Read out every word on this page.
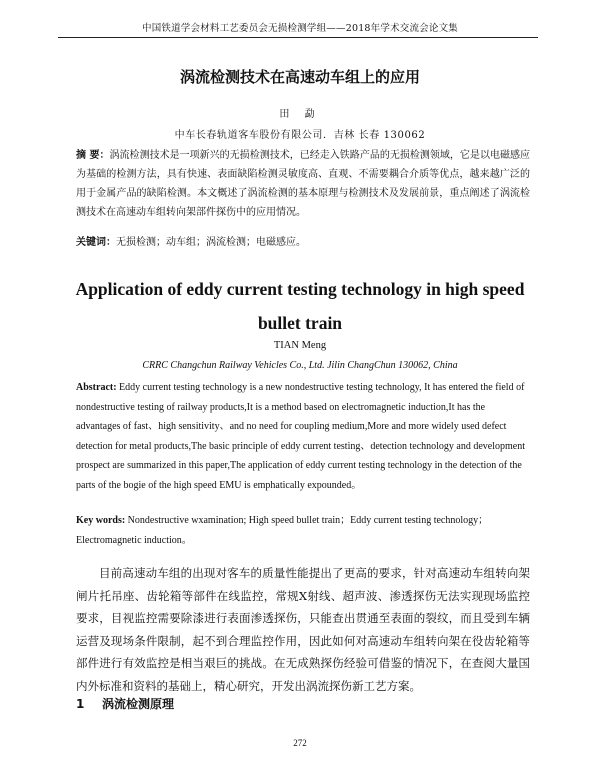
中国铁道学会材料工艺委员会无损检测学组——2018年学术交流会论文集
涡流检测技术在高速动车组上的应用
田 勐
中车长春轨道客车股份有限公司．吉林 长春 130062
摘 要：涡流检测技术是一项新兴的无损检测技术，已经走入铁路产品的无损检测领域，它是以电磁感应为基础的检测方法，具有快速、表面缺陷检测灵敏度高、直观、不需要耦合介质等优点，越来越广泛的用于金属产品的缺陷检测。本文概述了涡流检测的基本原理与检测技术及发展前景，重点阐述了涡流检测技术在高速动车组转向架部件探伤中的应用情况。
关键词：无损检测；动车组；涡流检测；电磁感应。
Application of eddy current testing technology in high speed bullet train
TIAN Meng
CRRC Changchun Railway Vehicles Co., Ltd. Jilin ChangChun 130062, China
Abstract: Eddy current testing technology is a new nondestructive testing technology, It has entered the field of nondestructive testing of railway products,It is a method based on electromagnetic induction,It has the advantages of fast、high sensitivity、and no need for coupling medium,More and more widely used defect detection for metal products,The basic principle of eddy current testing、detection technology and development prospect are summarized in this paper,The application of eddy current testing technology in the detection of the parts of the bogie of the high speed EMU is emphatically expounded。
Key words: Nondestructive wxamination; High speed bullet train；Eddy current testing technology；Electromagnetic induction。
目前高速动车组的出现对客车的质量性能提出了更高的要求，针对高速动车组转向架闸片托吊座、齿轮箱等部件在线监控，常规X射线、超声波、渗透探伤无法实现现场监控要求，目视监控需要除漆进行表面渗透探伤，只能查出贯通至表面的裂纹，而且受到车辆运营及现场条件限制，起不到合理监控作用，因此如何对高速动车组转向架在役齿轮箱等部件进行有效监控是相当艰巨的挑战。在无成熟探伤经验可借鉴的情况下，在查阅大量国内外标准和资料的基础上，精心研究，开发出涡流探伤新工艺方案。
1 涡流检测原理
272
